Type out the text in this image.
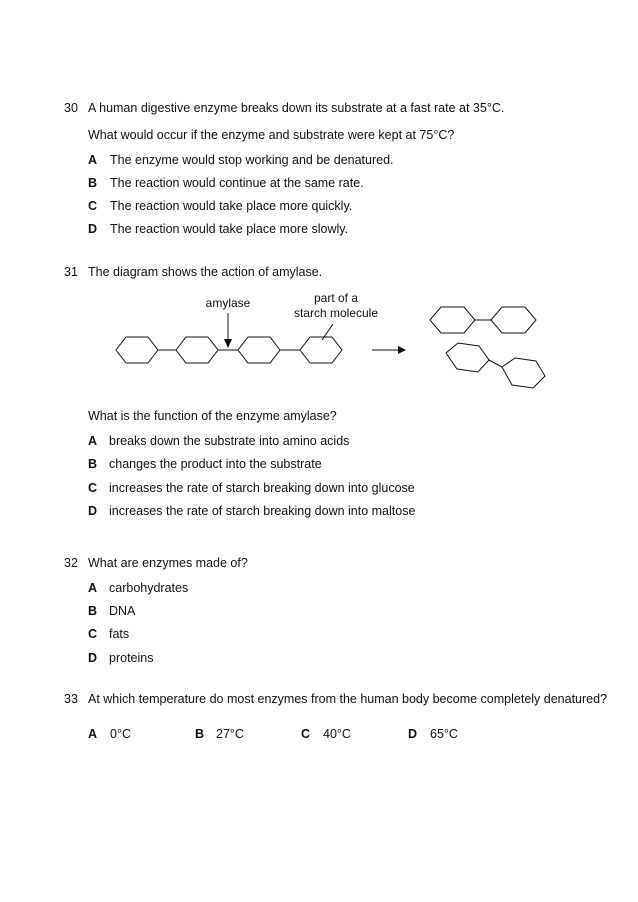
30 A human digestive enzyme breaks down its substrate at a fast rate at 35°C.
What would occur if the enzyme and substrate were kept at 75°C?
A The enzyme would stop working and be denatured.
B The reaction would continue at the same rate.
C The reaction would take place more quickly.
D The reaction would take place more slowly.
31 The diagram shows the action of amylase.
amylase	part of a
starch molecule
What is the function of the enzyme amylase?
A breaks down the substrate into amino acids
B changes the product into the substrate
C increases the rate of starch breaking down into glucose
D increases the rate of starch breaking down into maltose
32 What are enzymes made of?
A carbohydrates
B DNA
C fats
D proteins
33 At which temperature do most enzymes from the human body become completely denatured?
A 0°C	B 27°C	C 40°C	D 65°C
